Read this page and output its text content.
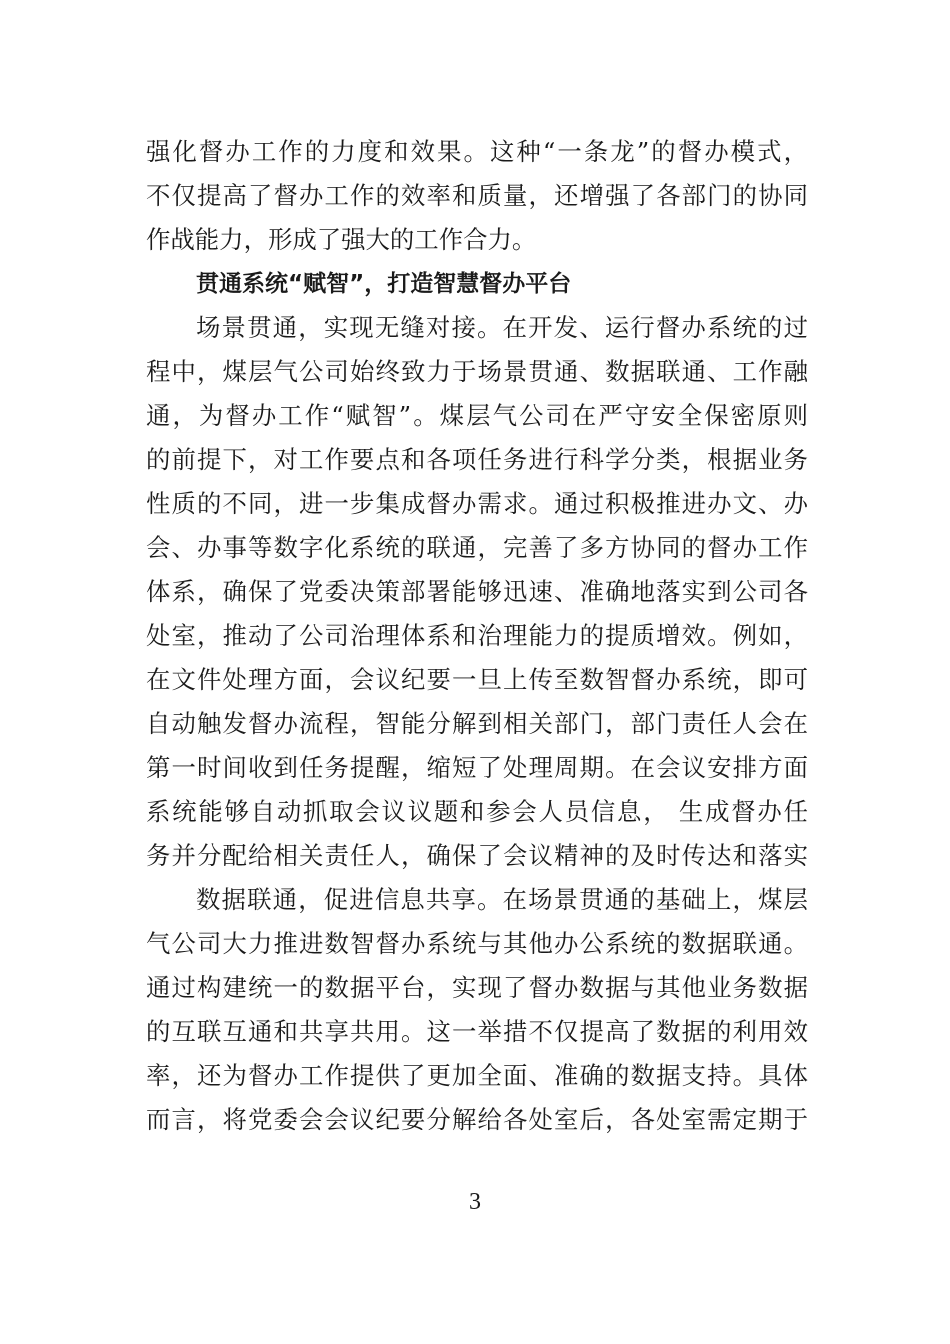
强化督办工作的力度和效果。这种“一条龙”的督办模式，
不仅提高了督办工作的效率和质量，还增强了各部门的协同
作战能力，形成了强大的工作合力。
贯通系统“赋智”，打造智慧督办平台
场景贯通，实现无缝对接。在开发、运行督办系统的过
程中，煤层气公司始终致力于场景贯通、数据联通、工作融
通，为督办工作“赋智”。煤层气公司在严守安全保密原则
的前提下，对工作要点和各项任务进行科学分类，根据业务
性质的不同，进一步集成督办需求。通过积极推进办文、办
会、办事等数字化系统的联通，完善了多方协同的督办工作
体系，确保了党委决策部署能够迅速、准确地落实到公司各
处室，推动了公司治理体系和治理能力的提质增效。例如，
在文件处理方面，会议纪要一旦上传至数智督办系统，即可
自动触发督办流程，智能分解到相关部门，部门责任人会在
第一时间收到任务提醒，缩短了处理周期。在会议安排方面
系统能够自动抓取会议议题和参会人员信息， 生成督办任
务并分配给相关责任人，确保了会议精神的及时传达和落实
数据联通，促进信息共享。在场景贯通的基础上，煤层
气公司大力推进数智督办系统与其他办公系统的数据联通。
通过构建统一的数据平台，实现了督办数据与其他业务数据
的互联互通和共享共用。这一举措不仅提高了数据的利用效
率，还为督办工作提供了更加全面、准确的数据支持。具体
而言，将党委会会议纪要分解给各处室后，各处室需定期于
3
